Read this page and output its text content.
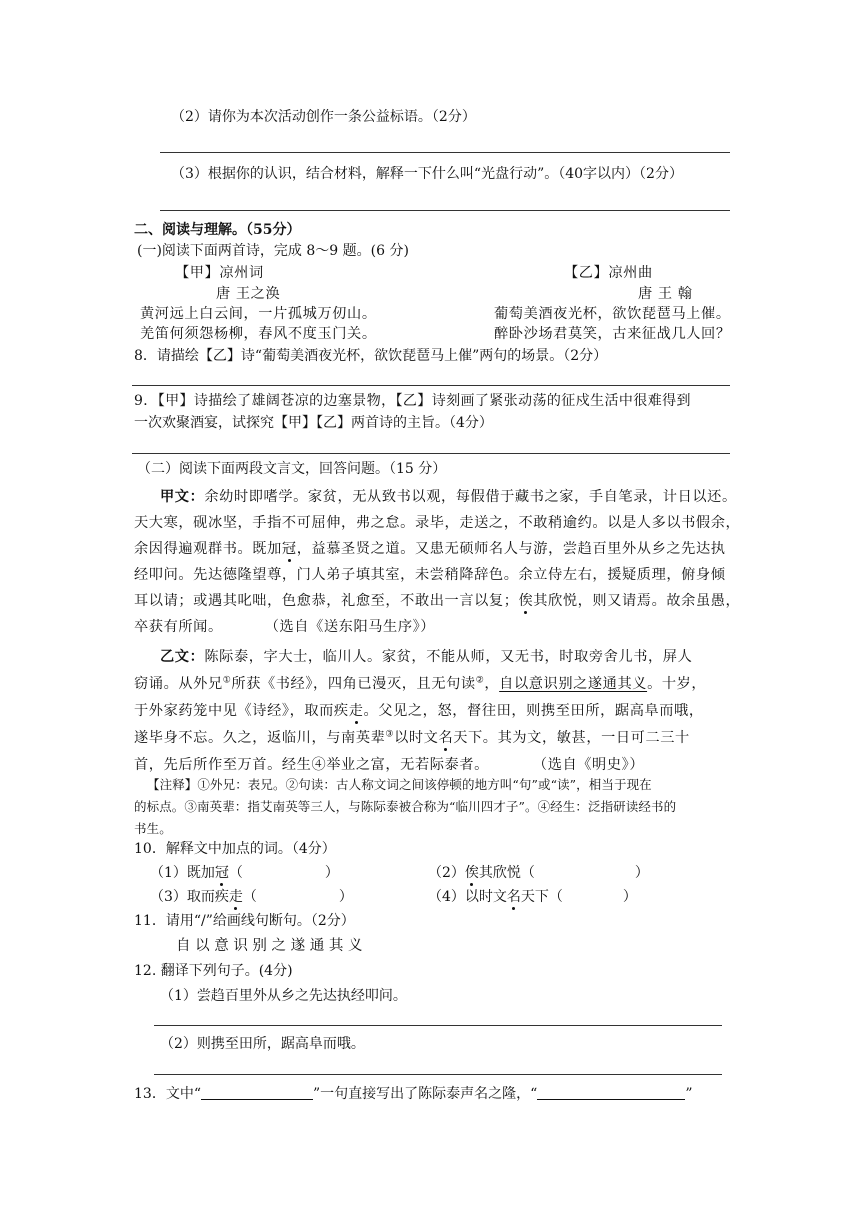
（2）请你为本次活动创作一条公益标语。（2分）
（3）根据你的认识，结合材料，解释一下什么叫“光盘行动”。（40字以内）（2分）
二、阅读与理解。（55分）
(一)阅读下面两首诗，完成 8～9 题。(6 分)
【甲】凉州词
唐 王之涣
黄河远上白云间，一片孤城万仞山。
羌笛何须怨杨柳，春风不度玉门关。
【乙】凉州曲
唐 王 翰
葡萄美酒夜光杯，欲饮琵琶马上催。
醉卧沙场君莫笑，古来征战几人回？
8．请描绘【乙】诗“葡萄美酒夜光杯，欲饮琵琶马上催”两句的场景。（2分）
9．【甲】诗描绘了雄阔苍凉的边塞景物，【乙】诗刻画了紧张动荡的征戍生活中很难得到
一次欢聚酒宴，试探究【甲】【乙】两首诗的主旨。（4分）
（二）阅读下面两段文言文，回答问题。（15 分）
甲文：余幼时即嗜学。家贫，无从致书以观，每假借于藏书之家，手自笔录，计日以还。
天大寒，砚冰坚，手指不可屈伸，弗之怠。录毕，走送之，不敢稍逾约。以是人多以书假余，
余因得遍观群书。既加冠，益慕圣贤之道。又患无硕师名人与游，尝趋百里外从乡之先达执
经叩问。先达德隆望尊，门人弟子填其室，未尝稍降辞色。余立侍左右，援疑质理，俯身倾
耳以请；或遇其叱咄，色愈恭，礼愈至，不敢出一言以复；俟其欣悦，则又请焉。故余虽愚，
卒获有所闻。	（选自《送东阳马生序》）
乙文：陈际泰，字大士，临川人。家贫，不能从师，又无书，时取旁舍儿书，屏人
窃诵。从外兄①所获《书经》，四角已漫灭，且无句读②，自以意识别之遂通其义。十岁，
于外家药笼中见《诗经》，取而疾走。父见之，怒，督往田，则携至田所，踞高阜而哦，
遂毕身不忘。久之，返临川，与南英辈③以时文名天下。其为文，敏甚，一日可二三十
首，先后所作至万首。经生④举业之富，无若际泰者。	（选自《明史》）
【注释】①外兄：表兄。②句读：古人称文词之间该停顿的地方叫“句”或“读”，相当于现在
的标点。③南英辈：指艾南英等三人，与陈际泰被合称为“临川四才子”。④经生：泛指研读经书的
书生。
10．解释文中加点的词。（4分）
（1）既加冠（	）	（2）俟其欣悦（	）
（3）取而疾走（	）	（4）以时文名天下（	）
11．请用“/”给画线句断句。（2分）
自 以 意 识 别 之 遂 通 其 义
12. 翻译下列句子。(4分)
（1）尝趋百里外从乡之先达执经叩问。
（2）则携至田所，踞高阜而哦。
13．文中“	”一句直接写出了陈际泰声名之隆，“	”
